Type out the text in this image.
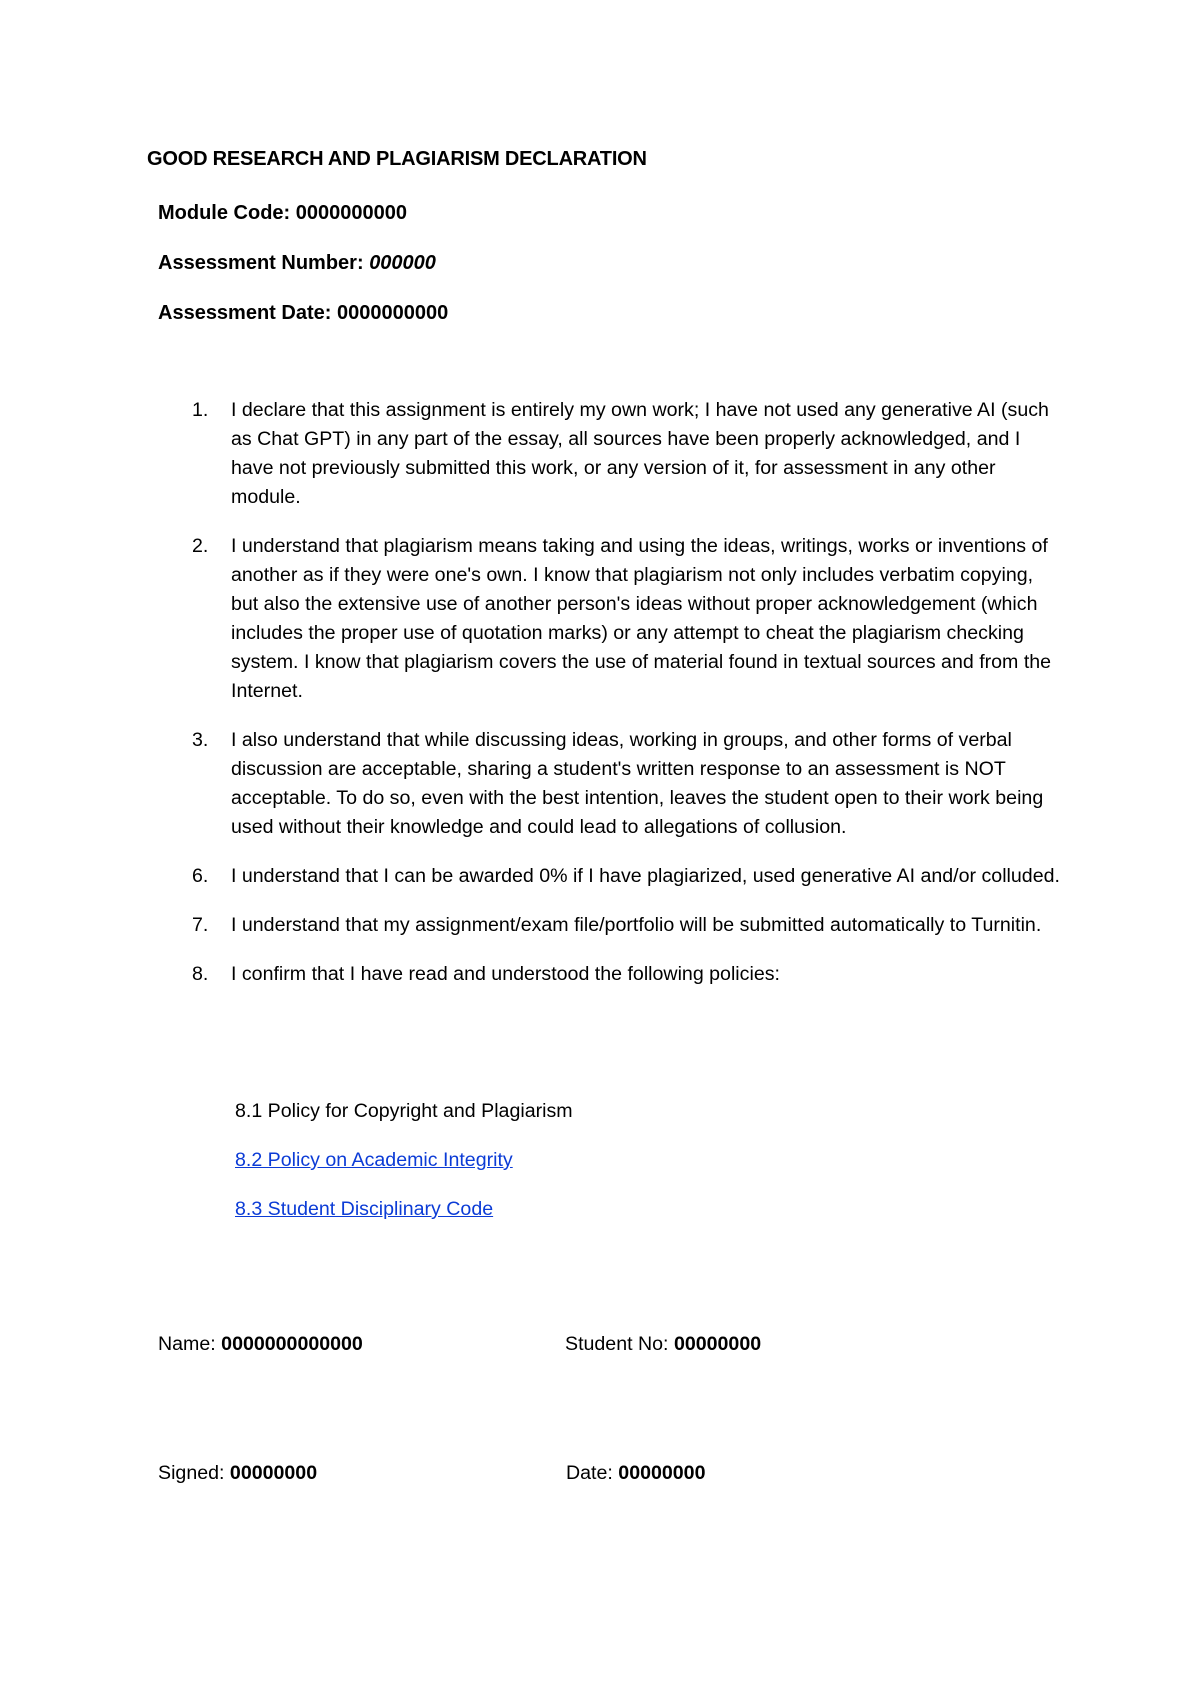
GOOD RESEARCH AND PLAGIARISM DECLARATION
Module Code: 0000000000
Assessment Number: 000000
Assessment Date: 0000000000
1.	I declare that this assignment is entirely my own work; I have not used any generative AI (such as Chat GPT) in any part of the essay, all sources have been properly acknowledged, and I have not previously submitted this work, or any version of it, for assessment in any other module.
2.	I understand that plagiarism means taking and using the ideas, writings, works or inventions of another as if they were one's own. I know that plagiarism not only includes verbatim copying, but also the extensive use of another person's ideas without proper acknowledgement (which includes the proper use of quotation marks) or any attempt to cheat the plagiarism checking system. I know that plagiarism covers the use of material found in textual sources and from the Internet.
3.	I also understand that while discussing ideas, working in groups, and other forms of verbal discussion are acceptable, sharing a student's written response to an assessment is NOT acceptable. To do so, even with the best intention, leaves the student open to their work being used without their knowledge and could lead to allegations of collusion.
6.	I understand that I can be awarded 0% if I have plagiarized, used generative AI and/or colluded.
7.	I understand that my assignment/exam file/portfolio will be submitted automatically to Turnitin.
8.	I confirm that I have read and understood the following policies:
8.1 Policy for Copyright and Plagiarism
8.2 Policy on Academic Integrity
8.3 Student Disciplinary Code
Name: 0000000000000	Student No: 00000000
Signed: 00000000	Date: 00000000
